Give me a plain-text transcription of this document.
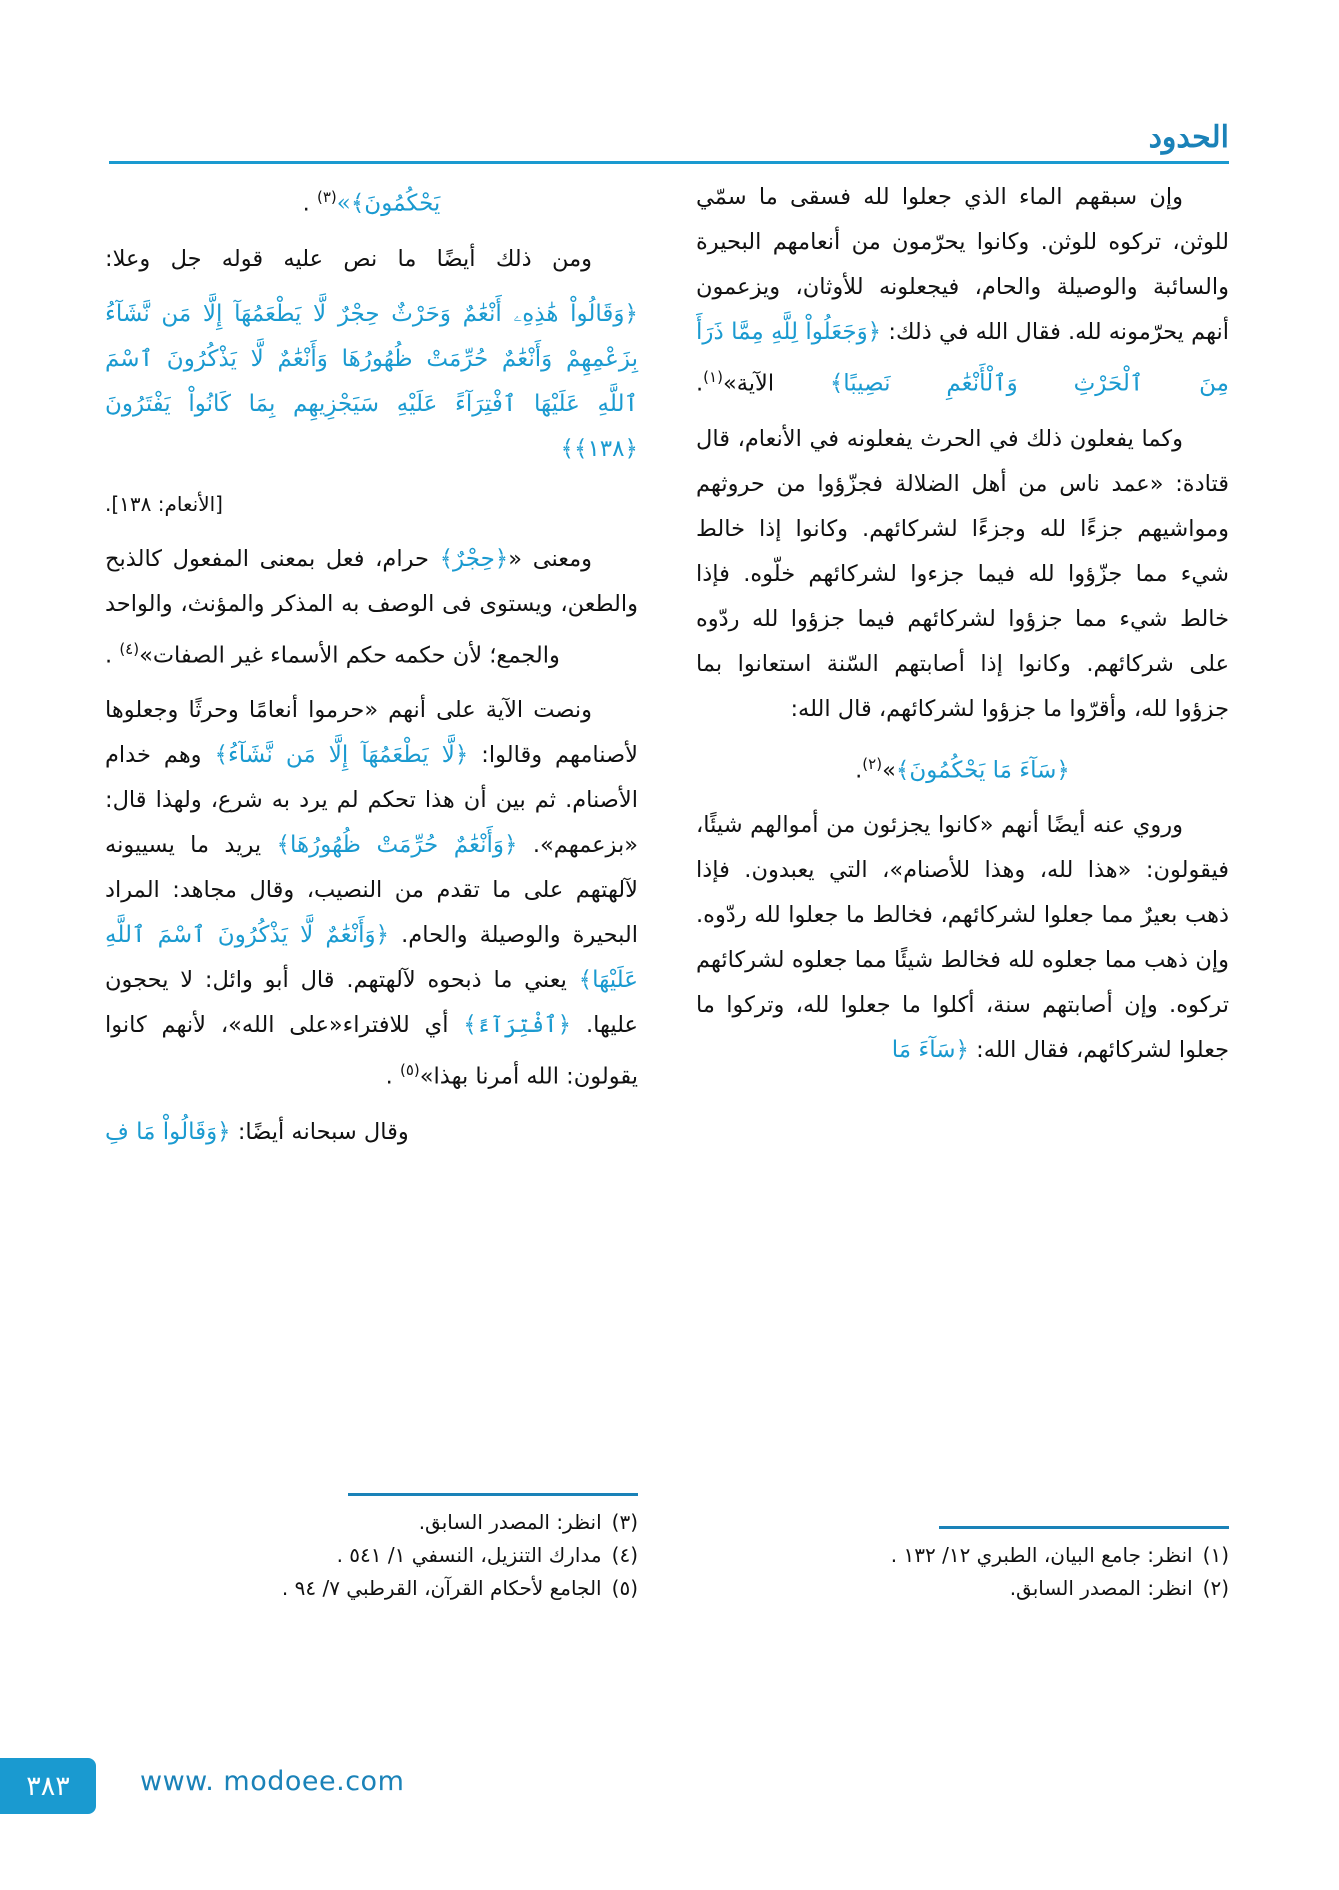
الحدود

وإن سبقهم الماء الذي جعلوا لله فسقى ما سمّي للوثن، تركوه للوثن. وكانوا يحرّمون من أنعامهم البحيرة والسائبة والوصيلة والحام، فيجعلونه للأوثان، ويزعمون أنهم يحرّمونه لله. فقال الله في ذلك: ﴿وَجَعَلُواْ لِلَّهِ مِمَّا ذَرَأَ مِنَ ٱلْحَرْثِ وَٱلْأَنْعَٰمِ نَصِيبًا﴾ الآية»$^{(١)}$.

وكما يفعلون ذلك في الحرث يفعلونه في الأنعام، قال قتادة: «عمد ناس من أهل الضلالة فجزّؤوا من حروثهم ومواشيهم جزءًا لله وجزءًا لشركائهم. وكانوا إذا خالط شيء مما جزّؤوا لله فيما جزءوا لشركائهم خلّوه. فإذا خالط شيء مما جزؤوا لشركائهم فيما جزؤوا لله ردّوه على شركائهم. وكانوا إذا أصابتهم السّنة استعانوا بما جزؤوا لله، وأقرّوا ما جزؤوا لشركائهم، قال الله:

﴿سَآءَ مَا يَحْكُمُونَ﴾»$^{(٢)}$.

وروي عنه أيضًا أنهم «كانوا يجزئون من أموالهم شيئًا، فيقولون: «هذا لله، وهذا للأصنام»، التي يعبدون. فإذا ذهب بعيرٌ مما جعلوا لشركائهم، فخالط ما جعلوا لله ردّوه. وإن ذهب مما جعلوه لله فخالط شيئًا مما جعلوه لشركائهم تركوه. وإن أصابتهم سنة، أكلوا ما جعلوا لله، وتركوا ما جعلوا لشركائهم، فقال الله: ﴿سَآءَ مَا

(١)
انظر: جامع البيان، الطبري ١٢/ ١٣٢ .
(٢)
انظر: المصدر السابق.

يَحْكُمُونَ﴾»$^{(٣)}$ .

ومن ذلك أيضًا ما نص عليه قوله جل وعلا:

﴿وَقَالُواْ هَٰذِهِۦ أَنْعَٰمٌ وَحَرْثٌ حِجْرٌ لَّا يَطْعَمُهَآ إِلَّا مَن نَّشَآءُ بِزَعْمِهِمْ وَأَنْعَٰمٌ حُرِّمَتْ ظُهُورُهَا وَأَنْعَٰمٌ لَّا يَذْكُرُونَ ٱسْمَ ٱللَّهِ عَلَيْهَا ٱفْتِرَآءً عَلَيْهِ سَيَجْزِيهِم بِمَا كَانُواْ يَفْتَرُونَ ﴿١٣٨﴾﴾

[الأنعام: ١٣٨].

ومعنى «﴿حِجْرٌ﴾ حرام، فعل بمعنى المفعول كالذبح والطعن، ويستوى فى الوصف به المذكر والمؤنث، والواحد والجمع؛ لأن حكمه حكم الأسماء غير الصفات»$^{(٤)}$ .

ونصت الآية على أنهم «حرموا أنعامًا وحرثًا وجعلوها لأصنامهم وقالوا: ﴿لَّا يَطْعَمُهَآ إِلَّا مَن نَّشَآءُ﴾ وهم خدام الأصنام. ثم بين أن هذا تحكم لم يرد به شرع، ولهذا قال: «بزعمهم». ﴿وَأَنْعَٰمٌ حُرِّمَتْ ظُهُورُهَا﴾ يريد ما يسييونه لآلهتهم على ما تقدم من النصيب، وقال مجاهد: المراد البحيرة والوصيلة والحام. ﴿وَأَنْعَٰمٌ لَّا يَذْكُرُونَ ٱسْمَ ٱللَّهِ عَلَيْهَا﴾ يعني ما ذبحوه لآلهتهم. قال أبو وائل: لا يحجون عليها. ﴿ٱفْتِرَآءً﴾ أي للافتراء«على الله»، لأنهم كانوا يقولون: الله أمرنا بهذا»$^{(٥)}$ .

وقال سبحانه أيضًا: ﴿وَقَالُواْ مَا فِ

(٣)
انظر: المصدر السابق.
(٤)
مدارك التنزيل، النسفي ١/ ٥٤١ .
(٥)
الجامع لأحكام القرآن، القرطبي ٧/ ٩٤ .
٣٨٣	www. modoee.com
